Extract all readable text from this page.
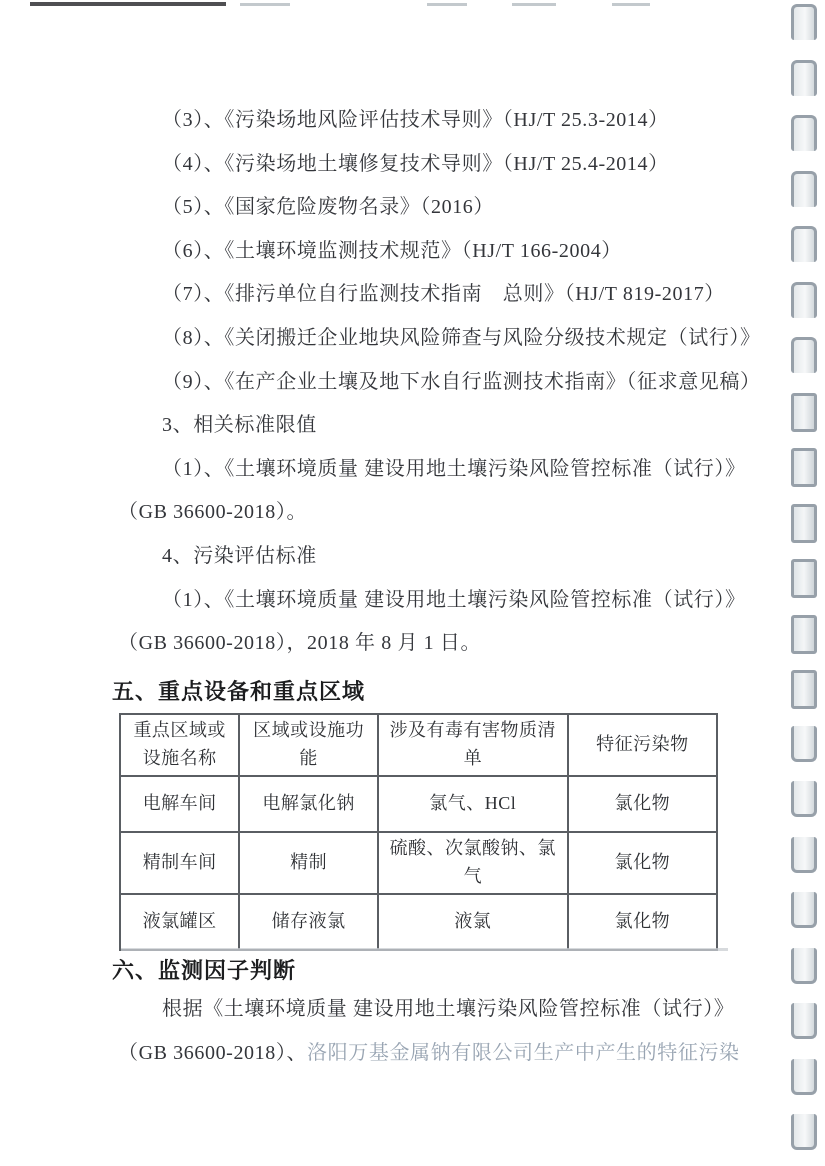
（3）、《污染场地风险评估技术导则》（HJ/T 25.3-2014）

（4）、《污染场地土壤修复技术导则》（HJ/T 25.4-2014）

（5）、《国家危险废物名录》（2016）

（6）、《土壤环境监测技术规范》（HJ/T 166-2004）

（7）、《排污单位自行监测技术指南　总则》（HJ/T 819-2017）

（8）、《关闭搬迁企业地块风险筛查与风险分级技术规定（试行）》

（9）、《在产企业土壤及地下水自行监测技术指南》（征求意见稿）

3、相关标准限值

（1）、《土壤环境质量 建设用地土壤污染风险管控标准（试行）》

（GB 36600-2018）。

4、污染评估标准

（1）、《土壤环境质量 建设用地土壤污染风险管控标准（试行）》

（GB 36600-2018），2018 年 8 月 1 日。

五、重点设备和重点区域
重点区域或设施名称	区域或设施功能	涉及有毒有害物质清单	特征污染物
电解车间	电解氯化钠	氯气、HCl	氯化物
精制车间	精制	硫酸、次氯酸钠、氯气	氯化物
液氯罐区	储存液氯	液氯	氯化物
六、监测因子判断

根据《土壤环境质量 建设用地土壤污染风险管控标准（试行）》

（GB 36600-2018）、洛阳万基金属钠有限公司生产中产生的特征污染
